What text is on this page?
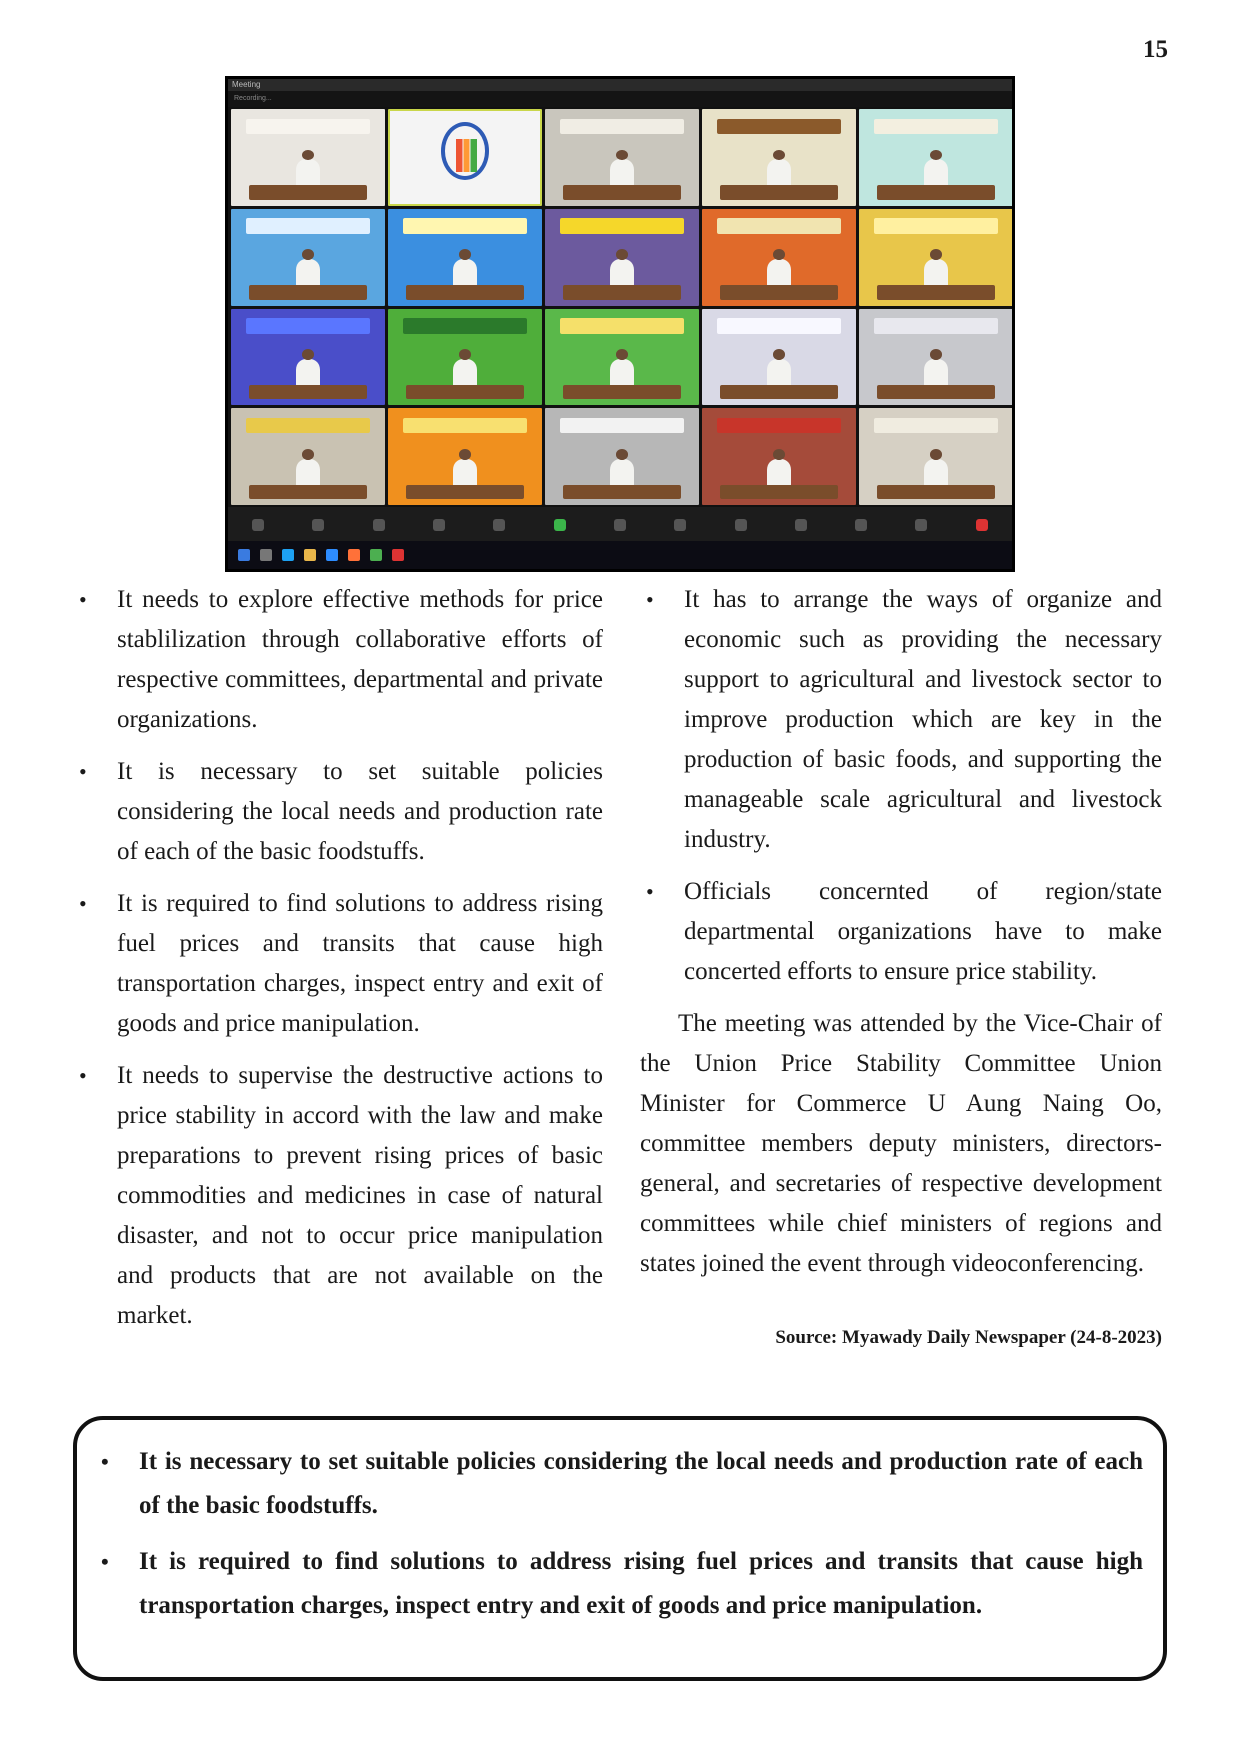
15
Meeting
Recording...
• It needs to explore effective methods for price stablilization through collaborative efforts of respective committees, departmental and private organizations.
• It is necessary to set suitable policies considering the local needs and production rate of each of the basic foodstuffs.
• It is required to find solutions to address rising fuel prices and transits that cause high transportation charges, inspect entry and exit of goods and price manipulation.
• It needs to supervise the destructive actions to price stability in accord with the law and make preparations to prevent rising prices of basic commodities and medicines in case of natural disaster, and not to occur price manipulation and products that are not available on the market.
• It has to arrange the ways of organize and economic such as providing the necessary support to agricultural and livestock sector to improve production which are key in the production of basic foods, and supporting the manageable scale agricultural and livestock industry.
• Officials concernted of region/state departmental organizations have to make concerted efforts to ensure price stability.

The meeting was attended by the Vice-Chair of the Union Price Stability Committee Union Minister for Commerce U Aung Naing Oo, committee members deputy ministers, directors-general, and secretaries of respective development committees while chief ministers of regions and states joined the event through videoconferencing.

Source: Myawady Daily Newspaper (24-8-2023)
• It is necessary to set suitable policies considering the local needs and production rate of each of the basic foodstuffs.
• It is required to find solutions to address rising fuel prices and transits that cause high transportation charges, inspect entry and exit of goods and price manipulation.
